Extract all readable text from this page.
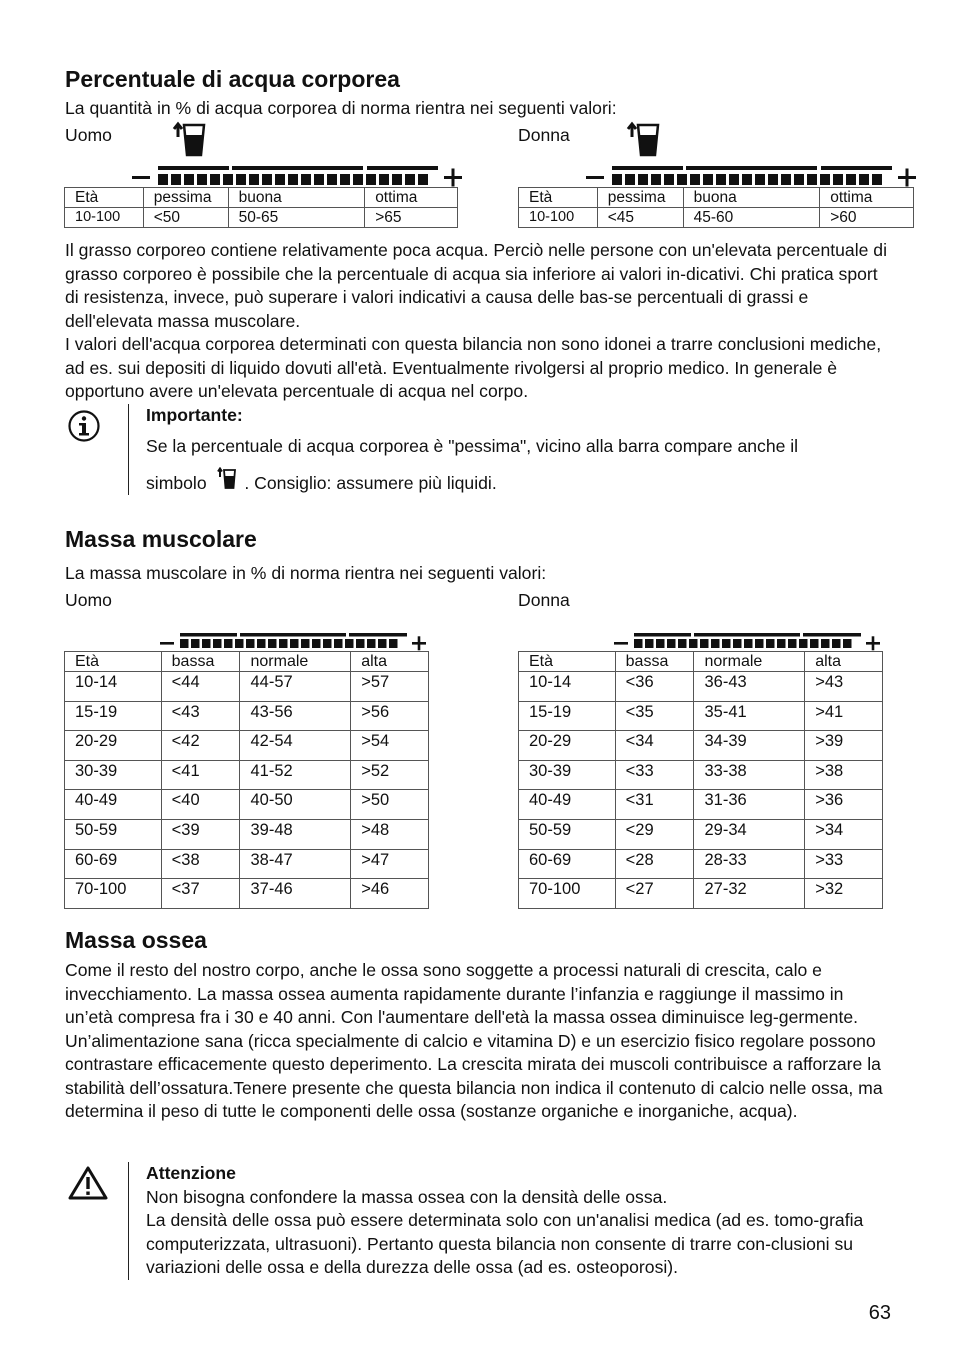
Percentuale di acqua corporea

La quantità in % di acqua corporea di norma rientra nei seguenti valori:

Uomo	Donna
Età	pessima	buona	ottima
10-100	<50	50-65	>65
Età	pessima	buona	ottima
10-100	<45	45-60	>60

Il grasso corporeo contiene relativamente poca acqua. Perciò nelle persone con un'elevata percentuale di grasso corporeo è possibile che la percentuale di acqua sia inferiore ai valori in-dicativi. Chi pratica sport di resistenza, invece, può superare i valori indicativi a causa delle bas-se percentuali di grassi e dell'elevata massa muscolare.

I valori dell'acqua corporea determinati con questa bilancia non sono idonei a trarre conclusioni mediche, ad es. sui depositi di liquido dovuti all'età. Eventualmente rivolgersi al proprio medico. In generale è opportuno avere un'elevata percentuale di acqua nel corpo.

Importante:
Se la percentuale di acqua corporea è "pessima", vicino alla barra compare anche il
simbolo . Consiglio: assumere più liquidi.
Massa muscolare

La massa muscolare in % di norma rientra nei seguenti valori:

Uomo	Donna
Età	bassa	normale	alta
10-14	<44	44-57	>57
15-19	<43	43-56	>56
20-29	<42	42-54	>54
30-39	<41	41-52	>52
40-49	<40	40-50	>50
50-59	<39	39-48	>48
60-69	<38	38-47	>47
70-100	<37	37-46	>46
Età	bassa	normale	alta
10-14	<36	36-43	>43
15-19	<35	35-41	>41
20-29	<34	34-39	>39
30-39	<33	33-38	>38
40-49	<31	31-36	>36
50-59	<29	29-34	>34
60-69	<28	28-33	>33
70-100	<27	27-32	>32
Massa ossea

Come il resto del nostro corpo, anche le ossa sono soggette a processi naturali di crescita, calo e invecchiamento. La massa ossea aumenta rapidamente durante l’infanzia e raggiunge il massimo in un’età compresa fra i 30 e 40 anni. Con l'aumentare dell'età la massa ossea diminuisce leg-germente. Un’alimentazione sana (ricca specialmente di calcio e vitamina D) e un esercizio fisico regolare possono contrastare efficacemente questo deperimento. La crescita mirata dei muscoli contribuisce a rafforzare la stabilità dell’ossatura.Tenere presente che questa bilancia non indica il contenuto di calcio nelle ossa, ma determina il peso di tutte le componenti delle ossa (sostanze organiche e inorganiche, acqua).

Attenzione
Non bisogna confondere la massa ossea con la densità delle ossa.
La densità delle ossa può essere determinata solo con un'analisi medica (ad es. tomo-grafia computerizzata, ultrasuoni). Pertanto questa bilancia non consente di trarre con-clusioni su variazioni delle ossa e della durezza delle ossa (ad es. osteoporosi).
63
